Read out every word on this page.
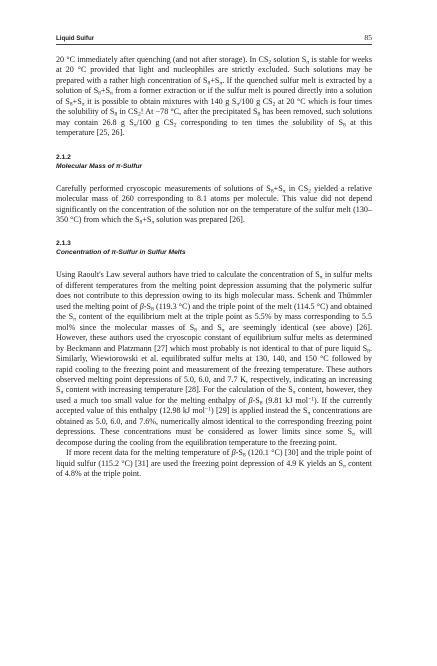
Liquid Sulfur	85

20 °C immediately after quenching (and not after storage). In $CS_2$ solution $S_\pi$ is stable for weeks at 20 °C provided that light and nucleophiles are strictly excluded. Such solutions may be prepared with a rather high concentration of $S_8+S_\pi$. If the quenched sulfur melt is extracted by a solution of $S_8+S_\pi$ from a former extraction or if the sulfur melt is poured directly into a solution of $S_8+S_\pi$ it is possible to obtain mixtures with 140 g $S_\pi/100$ g $CS_2$ at 20 °C which is four times the solubility of $S_8$ in $CS_2$! At −78 °C, after the precipitated $S_8$ has been removed, such solutions may contain 26.8 g $S_\pi/100$ g $CS_2$ corresponding to ten times the solubility of $S_8$ at this temperature [25, 26].

2.1.2
Molecular Mass of π-Sulfur

Carefully performed cryoscopic measurements of solutions of $S_8+S_\pi$ in $CS_2$ yielded a relative molecular mass of 260 corresponding to 8.1 atoms per molecule. This value did not depend significantly on the concentration of the solution nor on the temperature of the sulfur melt (130–350 °C) from which the $S_8+S_\pi$ solution was prepared [26].

2.1.3
Concentration of π-Sulfur in Sulfur Melts

Using Raoult's Law several authors have tried to calculate the concentration of $S_\pi$ in sulfur melts of different temperatures from the melting point depression assuming that the polymeric sulfur does not contribute to this depression owing to its high molecular mass. Schenk and Thümmler used the melting point of $\beta-S_8$ (119.3 °C) and the triple point of the melt (114.5 °C) and obtained the $S_\pi$ content of the equilibrium melt at the triple point as 5.5% by mass corresponding to 5.5 mol% since the molecular masses of $S_8$ and $S_\pi$ are seemingly identical (see above) [26]. However, these authors used the cryoscopic constant of equilibrium sulfur melts as determined by Beckmann and Platzmann [27] which most probably is not identical to that of pure liquid $S_8$. Similarly, Wiewiorowski et al. equilibrated sulfur melts at 130, 140, and 150 °C followed by rapid cooling to the freezing point and measurement of the freezing temperature. These authors observed melting point depressions of 5.0, 6.0, and 7.7 K, respectively, indicating an increasing $S_\pi$ content with increasing temperature [28]. For the calculation of the $S_\pi$ content, however, they used a much too small value for the melting enthalpy of $\beta-S_8$ (9.81 kJ mol$^{-1}$). If the currently accepted value of this enthalpy (12.98 kJ mol$^{-1}$) [29] is applied instead the $S_\pi$ concentrations are obtained as 5.0, 6.0, and 7.6%, numerically almost identical to the corresponding freezing point depressions. These concentrations must be considered as lower limits since some $S_\pi$ will decompose during the cooling from the equilibration temperature to the freezing point.

If more recent data for the melting temperature of $\beta-S_8$ (120.1 °C) [30] and the triple point of liquid sulfur (115.2 °C) [31] are used the freezing point depression of 4.9 K yields an $S_\pi$ content of 4.8% at the triple point.
